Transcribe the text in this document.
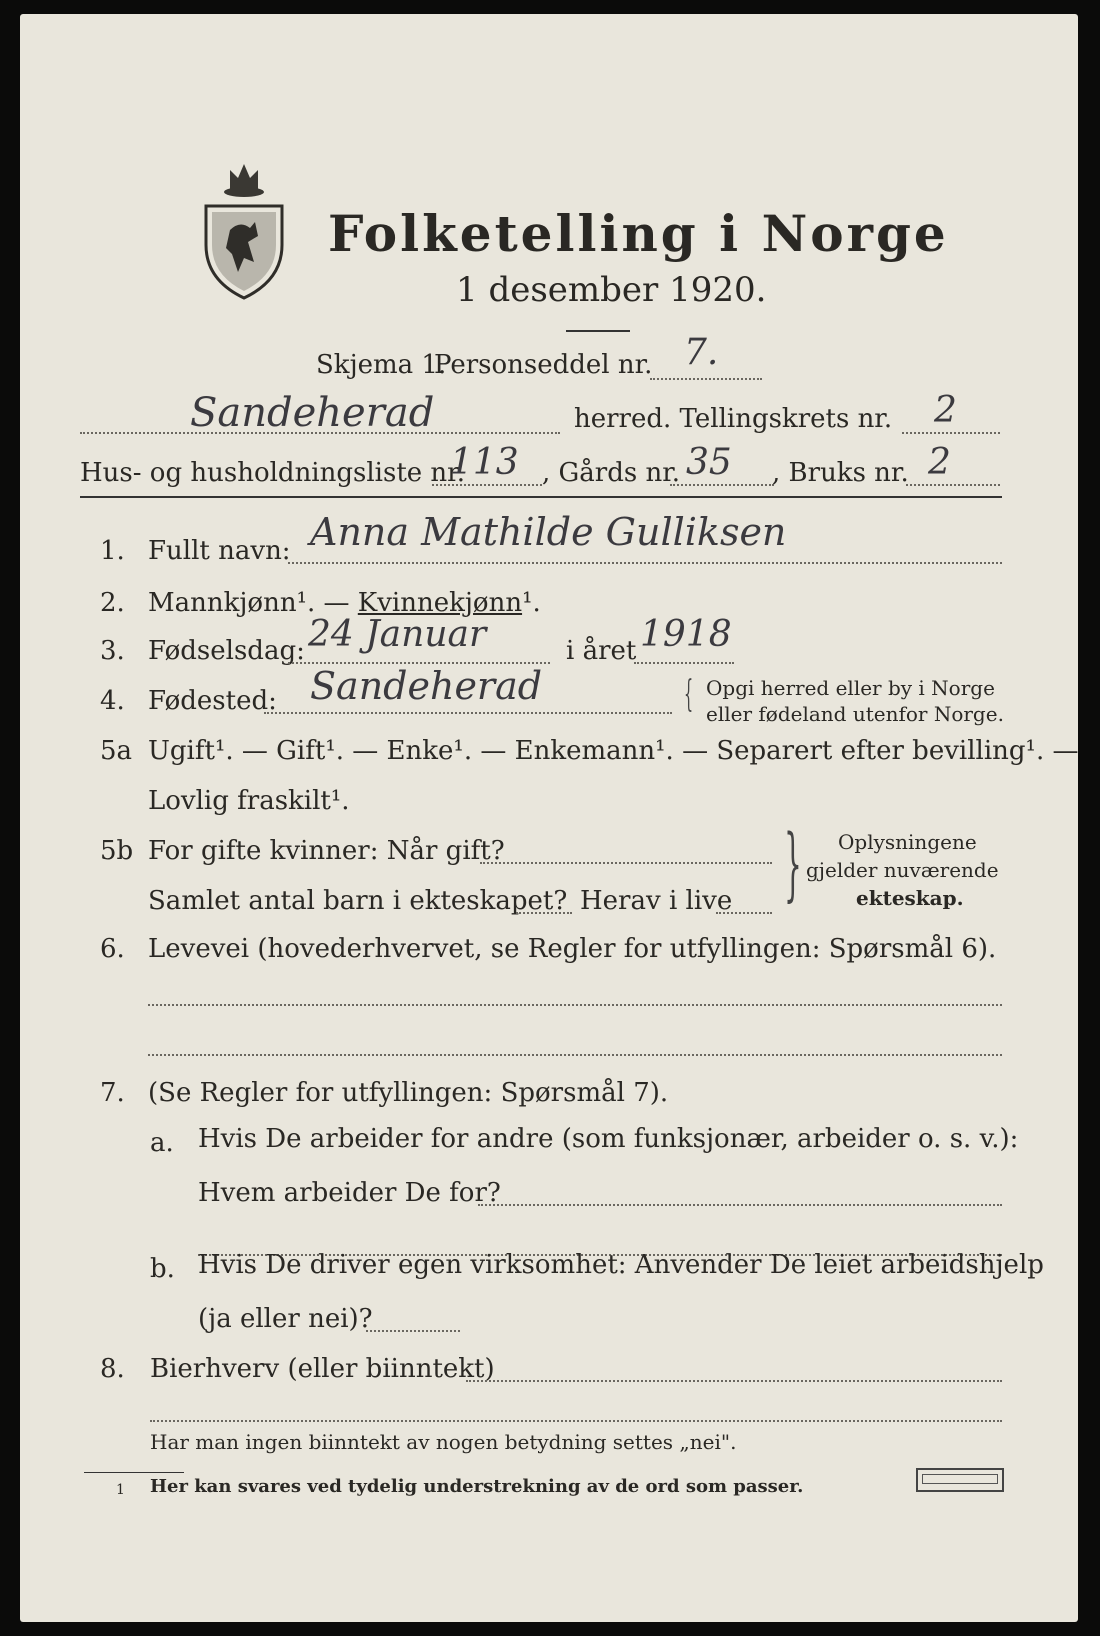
Folketelling i Norge
1 desember 1920.
Skjema 1.
Personseddel nr. 7.
Sandeherad	herred. Tellingskrets nr. 2
Hus- og husholdningsliste nr.
113 , Gårds nr. 35 , Bruks nr. 2
1. Fullt navn: Anna Mathilde Gulliksen
2. Mannkjønn¹. — Kvinnekjønn¹.
3. Fødselsdag: 24 Januar	i året 1918
4. Fødested: Sandeherad	{ Opgi herred eller by i Norge
eller fødeland utenfor Norge.
5a Ugift¹. — Gift¹. — Enke¹. — Enkemann¹. — Separert efter bevilling¹. —
Lovlig fraskilt¹.
5b For gifte kvinner: Når gift?
Samlet antal barn i ekteskapet? Herav i live } Oplysningene
gjelder nuværende
ekteskap.
6. Levevei (hovederhvervet, se Regler for utfyllingen: Spørsmål 6).
7. (Se Regler for utfyllingen: Spørsmål 7).
a. Hvis De arbeider for andre (som funksjonær, arbeider o. s. v.):
Hvem arbeider De for?
b. Hvis De driver egen virksomhet: Anvender De leiet arbeidshjelp
(ja eller nei)?
8. Bierhverv (eller biinntekt)
Har man ingen biinntekt av nogen betydning settes „nei".
1 Her kan svares ved tydelig understrekning av de ord som passer.
